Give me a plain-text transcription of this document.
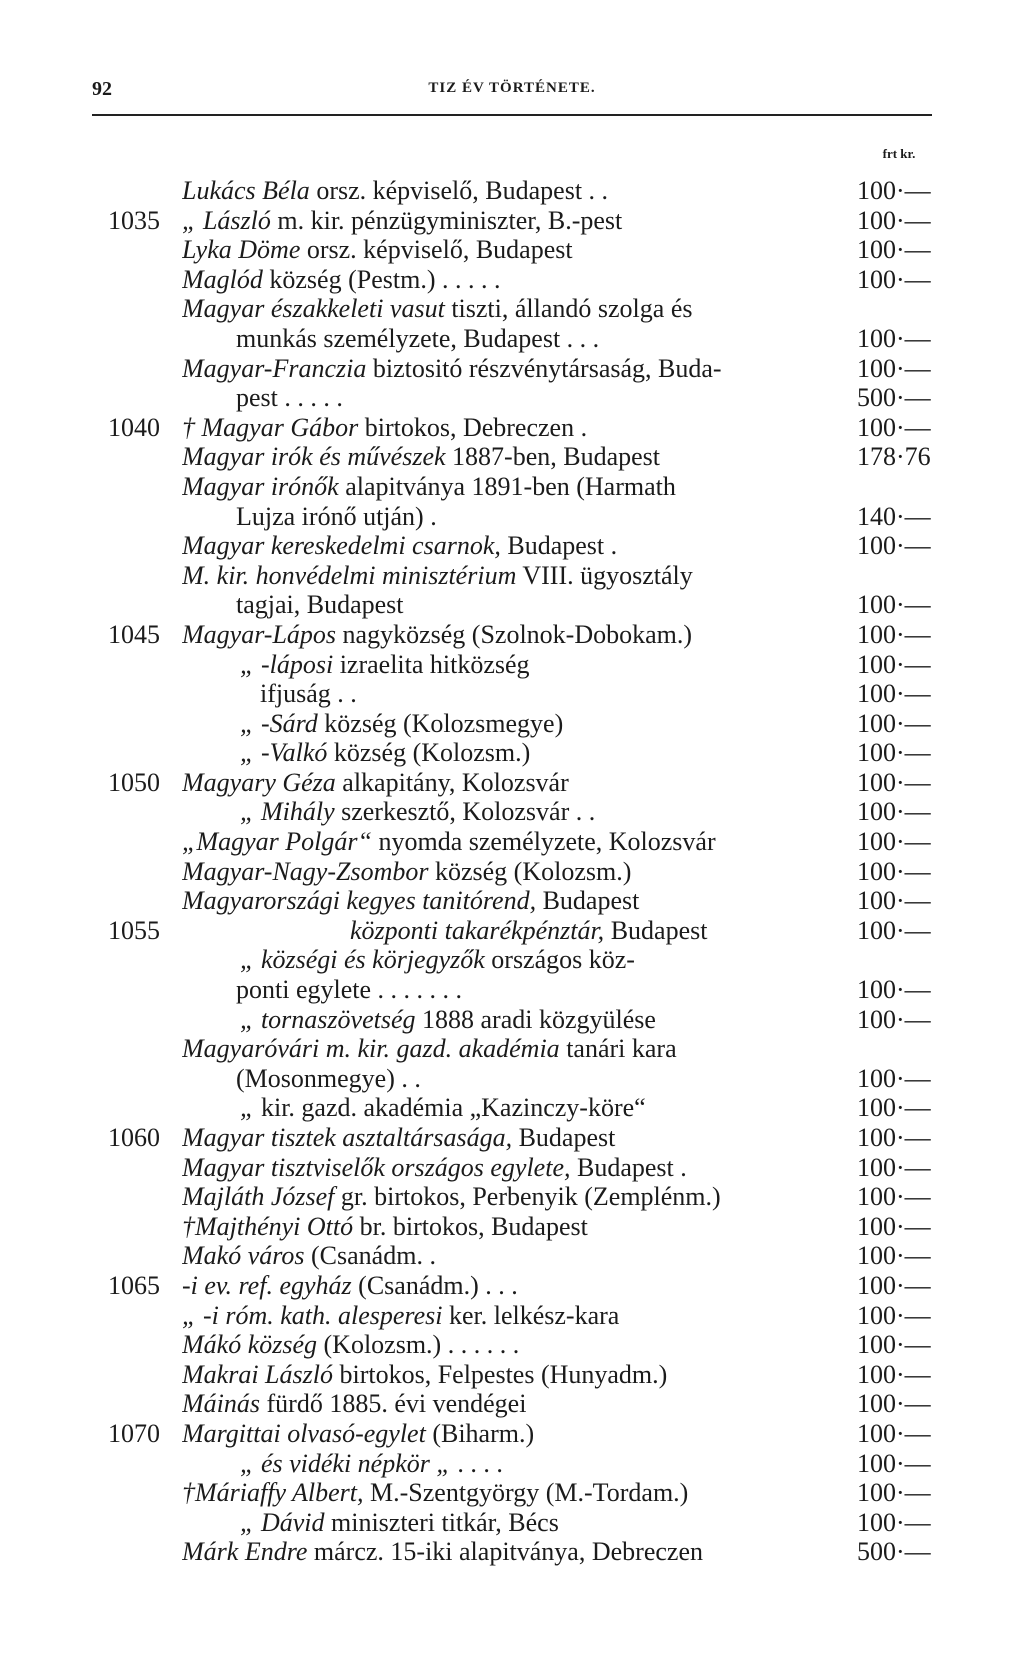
92	TIZ ÉV TÖRTÉNETE.
frt kr.
Lukács Béla orsz. képviselő, Budapest . .	100·—
1035 „ László m. kir. pénzügyminiszter, B.-pest	100·—
Lyka Döme orsz. képviselő, Budapest	100·—
Maglód község (Pestm.) . . . . .	100·—
Magyar északkeleti vasut tiszti, állandó szolga és
munkás személyzete, Budapest . . .	100·—
Magyar-Franczia biztositó részvénytársaság, Buda-	100·—
pest . . . . .	500·—
1040 † Magyar Gábor birtokos, Debreczen .	100·—
Magyar irók és művészek 1887-ben, Budapest	178·76
Magyar irónők alapitványa 1891-ben (Harmath
Lujza irónő utján) .	140·—
Magyar kereskedelmi csarnok, Budapest .	100·—
M. kir. honvédelmi minisztérium VIII. ügyosztály
tagjai, Budapest	100·—
1045 Magyar-Lápos nagyközség (Szolnok-Dobokam.)	100·—
„ -láposi izraelita hitközség	100·—
ifjuság . .	100·—
„ -Sárd község (Kolozsmegye)	100·—
„ -Valkó község (Kolozsm.)	100·—
1050 Magyary Géza alkapitány, Kolozsvár	100·—
„ Mihály szerkesztő, Kolozsvár . .	100·—
„Magyar Polgár“ nyomda személyzete, Kolozsvár	100·—
Magyar-Nagy-Zsombor község (Kolozsm.)	100·—
Magyarországi kegyes tanitórend, Budapest	100·—
1055	központi takarékpénztár, Budapest	100·—
„ községi és körjegyzők országos köz-
ponti egylete . . . . . . .	100·—
„ tornaszövetség 1888 aradi közgyülése	100·—
Magyaróvári m. kir. gazd. akadémia tanári kara
(Mosonmegye) . .	100·—
„ kir. gazd. akadémia „Kazinczy-köre“	100·—
1060 Magyar tisztek asztaltársasága, Budapest	100·—
Magyar tisztviselők országos egylete, Budapest .	100·—
Majláth József gr. birtokos, Perbenyik (Zemplénm.)	100·—
†Majthényi Ottó br. birtokos, Budapest	100·—
Makó város (Csanádm. .	100·—
1065 -i ev. ref. egyház (Csanádm.) . . .	100·—
„ -i róm. kath. alesperesi ker. lelkész-kara	100·—
Mákó község (Kolozsm.) . . . . . .	100·—
Makrai László birtokos, Felpestes (Hunyadm.)	100·—
Máinás fürdő 1885. évi vendégei	100·—
1070 Margittai olvasó-egylet (Biharm.)	100·—
„ és vidéki népkör „ . . . .	100·—
†Máriaffy Albert, M.-Szentgyörgy (M.-Tordam.)	100·—
„ Dávid miniszteri titkár, Bécs	100·—
Márk Endre márcz. 15-iki alapitványa, Debreczen	500·—
